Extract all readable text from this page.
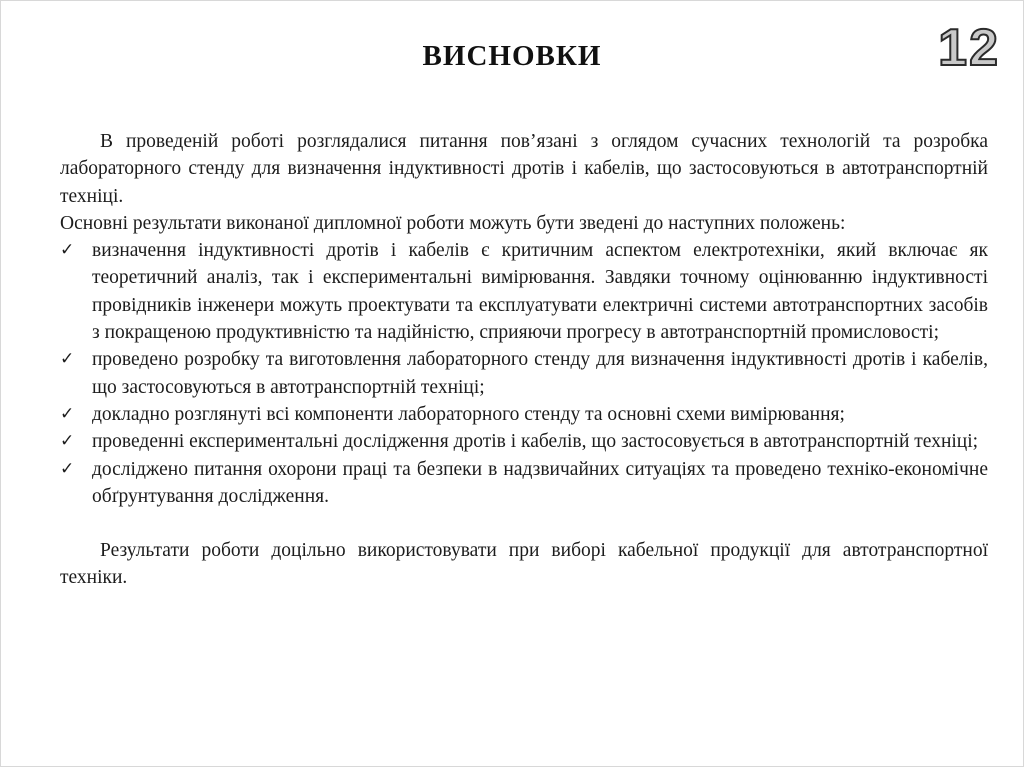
ВИСНОВКИ	12

В проведеній роботі розглядалися питання пов’язані з оглядом сучасних технологій та розробка лабораторного стенду для визначення індуктивності дротів і кабелів, що застосовуються в автотранспортній техніці.

Основні результати виконаної дипломної роботи можуть бути зведені до наступних положень:

✓ визначення індуктивності дротів і кабелів є критичним аспектом електротехніки, який включає як теоретичний аналіз, так і експериментальні вимірювання. Завдяки точному оцінюванню індуктивності провідників інженери можуть проектувати та експлуатувати електричні системи автотранспортних засобів з покращеною продуктивністю та надійністю, сприяючи прогресу в автотранспортній промисловості;
✓ проведено розробку та виготовлення лабораторного стенду для визначення індуктивності дротів і кабелів, що застосовуються в автотранспортній техніці;
✓ докладно розглянуті всі компоненти лабораторного стенду та основні схеми вимірювання;
✓ проведенні експериментальні дослідження дротів і кабелів, що застосовується в автотранспортній техніці;
✓ досліджено питання охорони праці та безпеки в надзвичайних ситуаціях та проведено техніко-економічне обґрунтування дослідження.

Результати роботи доцільно використовувати при виборі кабельної продукції для автотранспортної техніки.
